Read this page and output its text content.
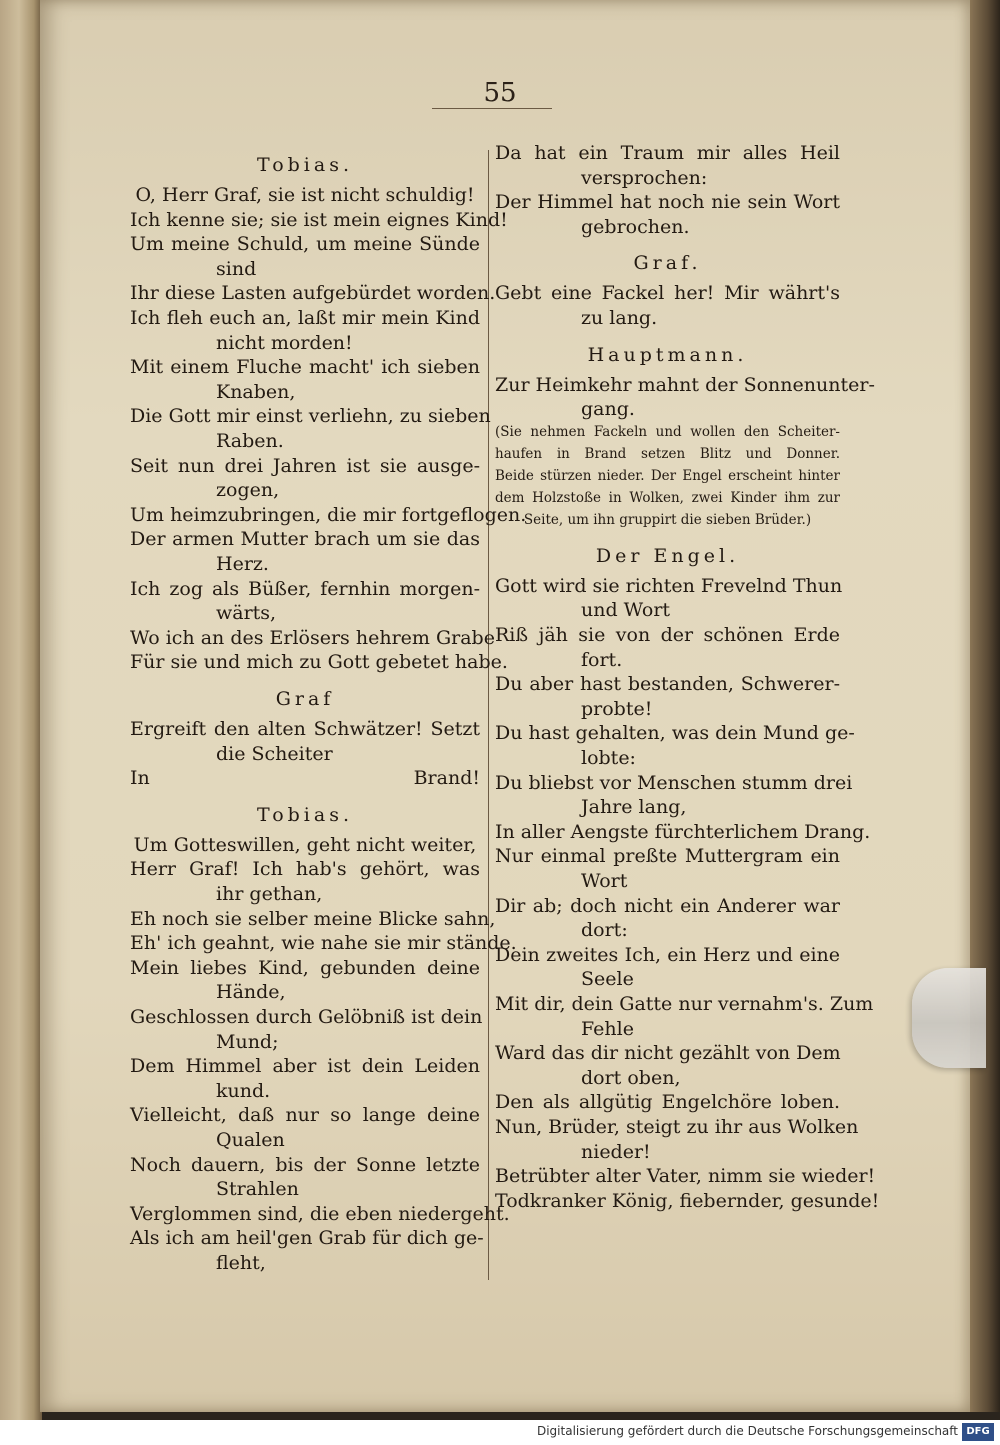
55
Tobias.
O, Herr Graf, sie ist nicht schuldig!
Ich kenne sie; sie ist mein eignes Kind!
Um meine Schuld, um meine Sünde
sind
Ihr diese Lasten aufgebürdet worden.
Ich fleh euch an, laßt mir mein Kind
nicht morden!
Mit einem Fluche macht' ich sieben
Knaben,
Die Gott mir einst verliehn, zu sieben
Raben.
Seit nun drei Jahren ist sie ausge-
zogen,
Um heimzubringen, die mir fortgeflogen.
Der armen Mutter brach um sie das
Herz.
Ich zog als Büßer, fernhin morgen-
wärts,
Wo ich an des Erlösers hehrem Grabe
Für sie und mich zu Gott gebetet habe.
Graf
Ergreift den alten Schwätzer! Setzt
die Scheiter
In Brand!
Tobias.
Um Gotteswillen, geht nicht weiter,
Herr Graf! Ich hab's gehört, was
ihr gethan,
Eh noch sie selber meine Blicke sahn,
Eh' ich geahnt, wie nahe sie mir stände.
Mein liebes Kind, gebunden deine
Hände,
Geschlossen durch Gelöbniß ist dein
Mund;
Dem Himmel aber ist dein Leiden
kund.
Vielleicht, daß nur so lange deine
Qualen
Noch dauern, bis der Sonne letzte
Strahlen
Verglommen sind, die eben niedergeht.
Als ich am heil'gen Grab für dich ge-
fleht,
Da hat ein Traum mir alles Heil
versprochen:
Der Himmel hat noch nie sein Wort
gebrochen.
Graf.
Gebt eine Fackel her! Mir währt's
zu lang.
Hauptmann.
Zur Heimkehr mahnt der Sonnenunter-
gang.
(Sie nehmen Fackeln und wollen den Scheiter-
haufen in Brand setzen Blitz und Donner.
Beide stürzen nieder. Der Engel erscheint hinter
dem Holzstoße in Wolken, zwei Kinder ihm zur
Seite, um ihn gruppirt die sieben Brüder.)
Der Engel.
Gott wird sie richten Frevelnd Thun
und Wort
Riß jäh sie von der schönen Erde
fort.
Du aber hast bestanden, Schwerer-
probte!
Du hast gehalten, was dein Mund ge-
lobte:
Du bliebst vor Menschen stumm drei
Jahre lang,
In aller Aengste fürchterlichem Drang.
Nur einmal preßte Muttergram ein
Wort
Dir ab; doch nicht ein Anderer war
dort:
Dein zweites Ich, ein Herz und eine
Seele
Mit dir, dein Gatte nur vernahm's. Zum
Fehle
Ward das dir nicht gezählt von Dem
dort oben,
Den als allgütig Engelchöre loben.
Nun, Brüder, steigt zu ihr aus Wolken
nieder!
Betrübter alter Vater, nimm sie wieder!
Todkranker König, fiebernder, gesunde!
Digitalisierung gefördert durch die Deutsche Forschungsgemeinschaft DFG
